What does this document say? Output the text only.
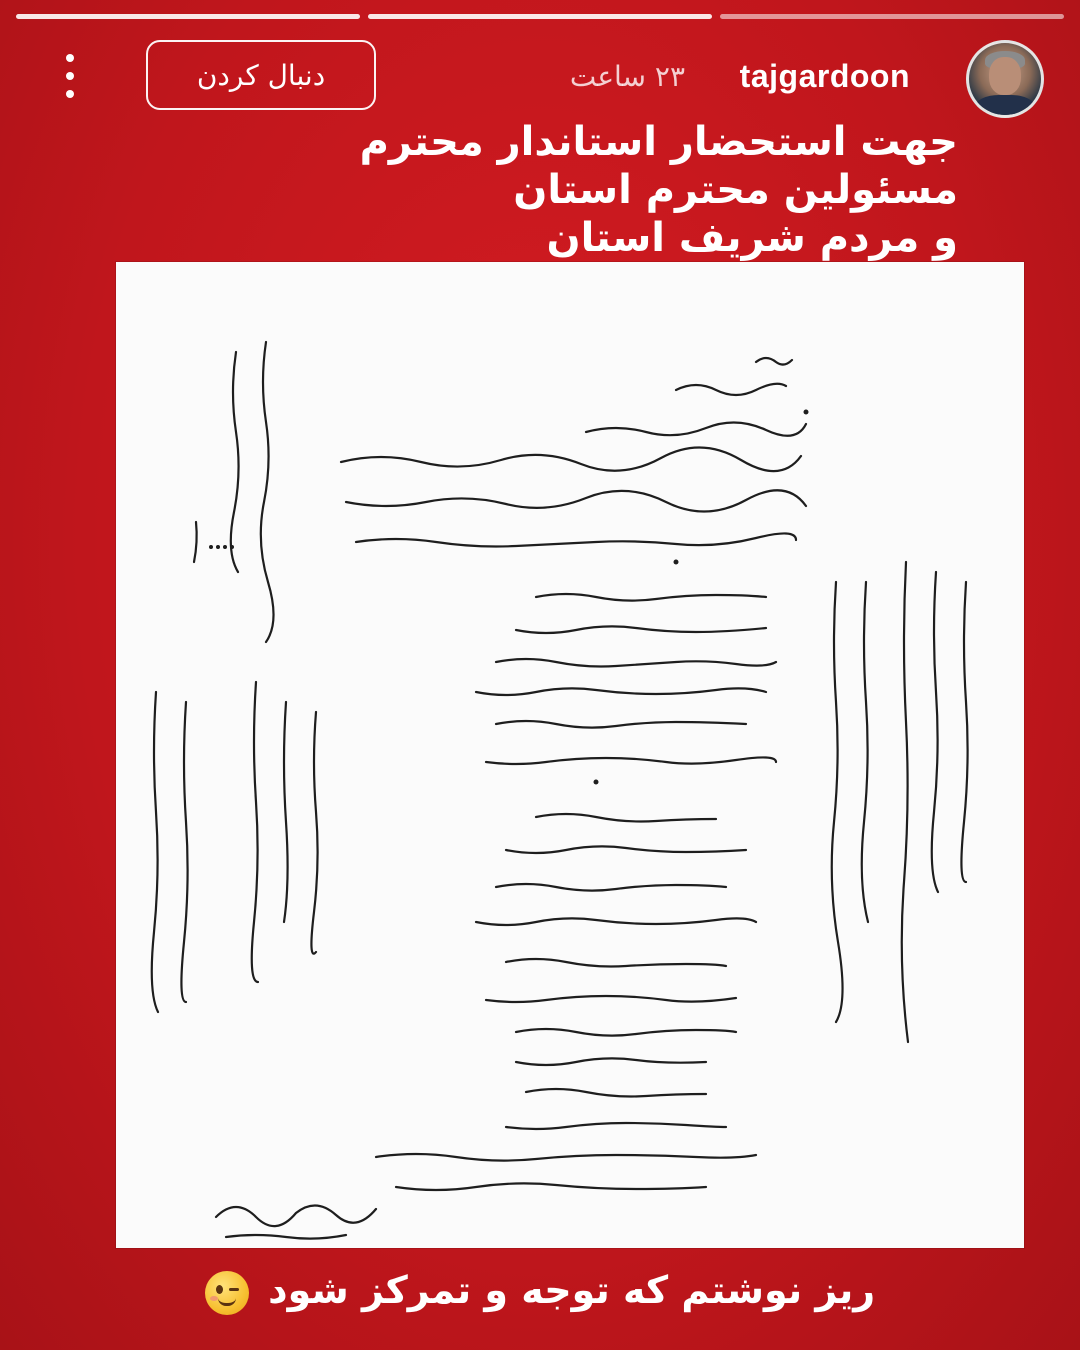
tajgardoon
۲۳ ساعت
دنبال کردن
جهت استحضار استاندار محترم
مسئولین محترم استان
و مردم شریف استان
ریز نوشتم که توجه و تمرکز شود
